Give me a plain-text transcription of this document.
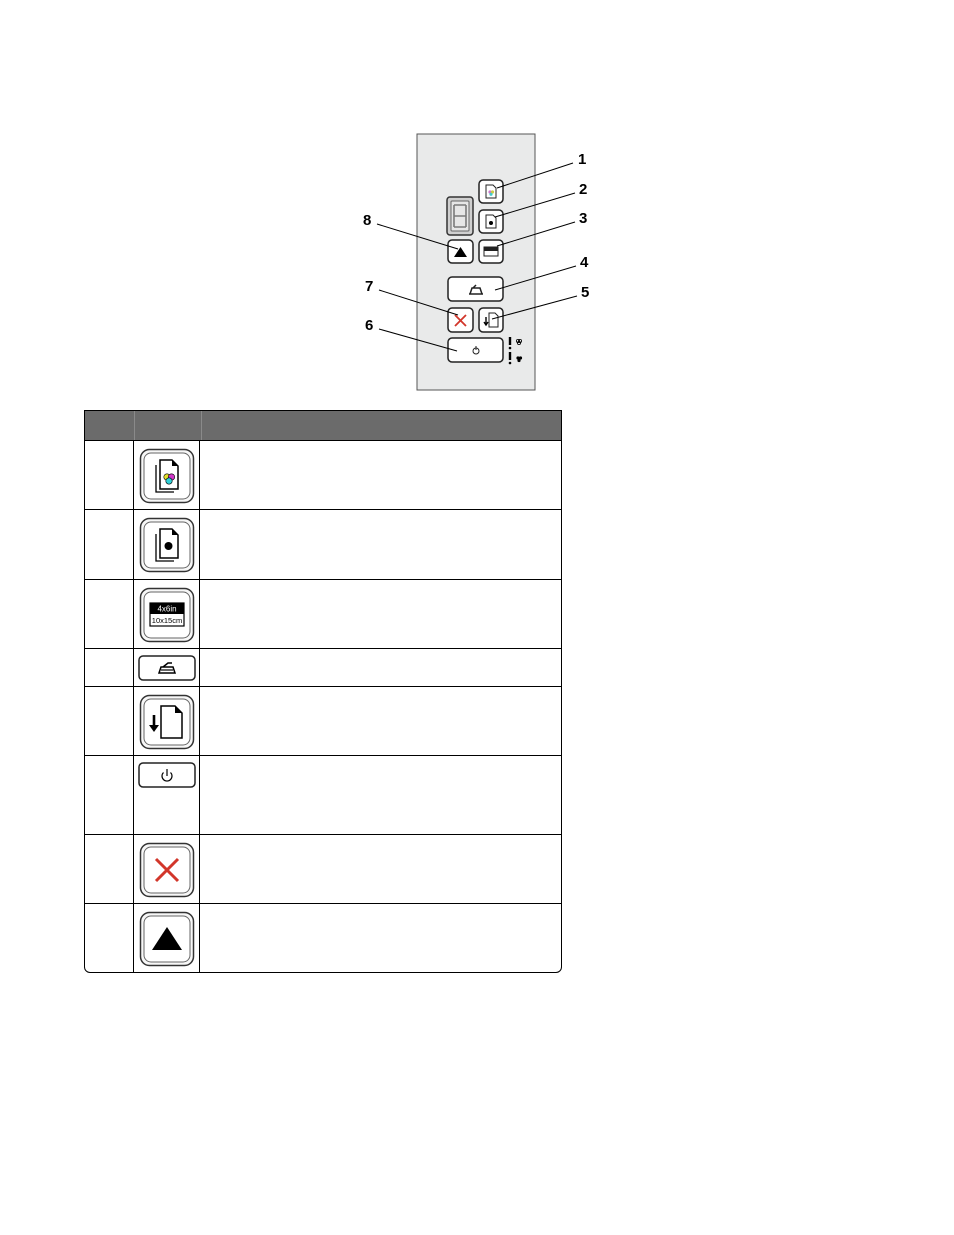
1
2
3
4
5
6
7
8
4x6in
10x15cm
